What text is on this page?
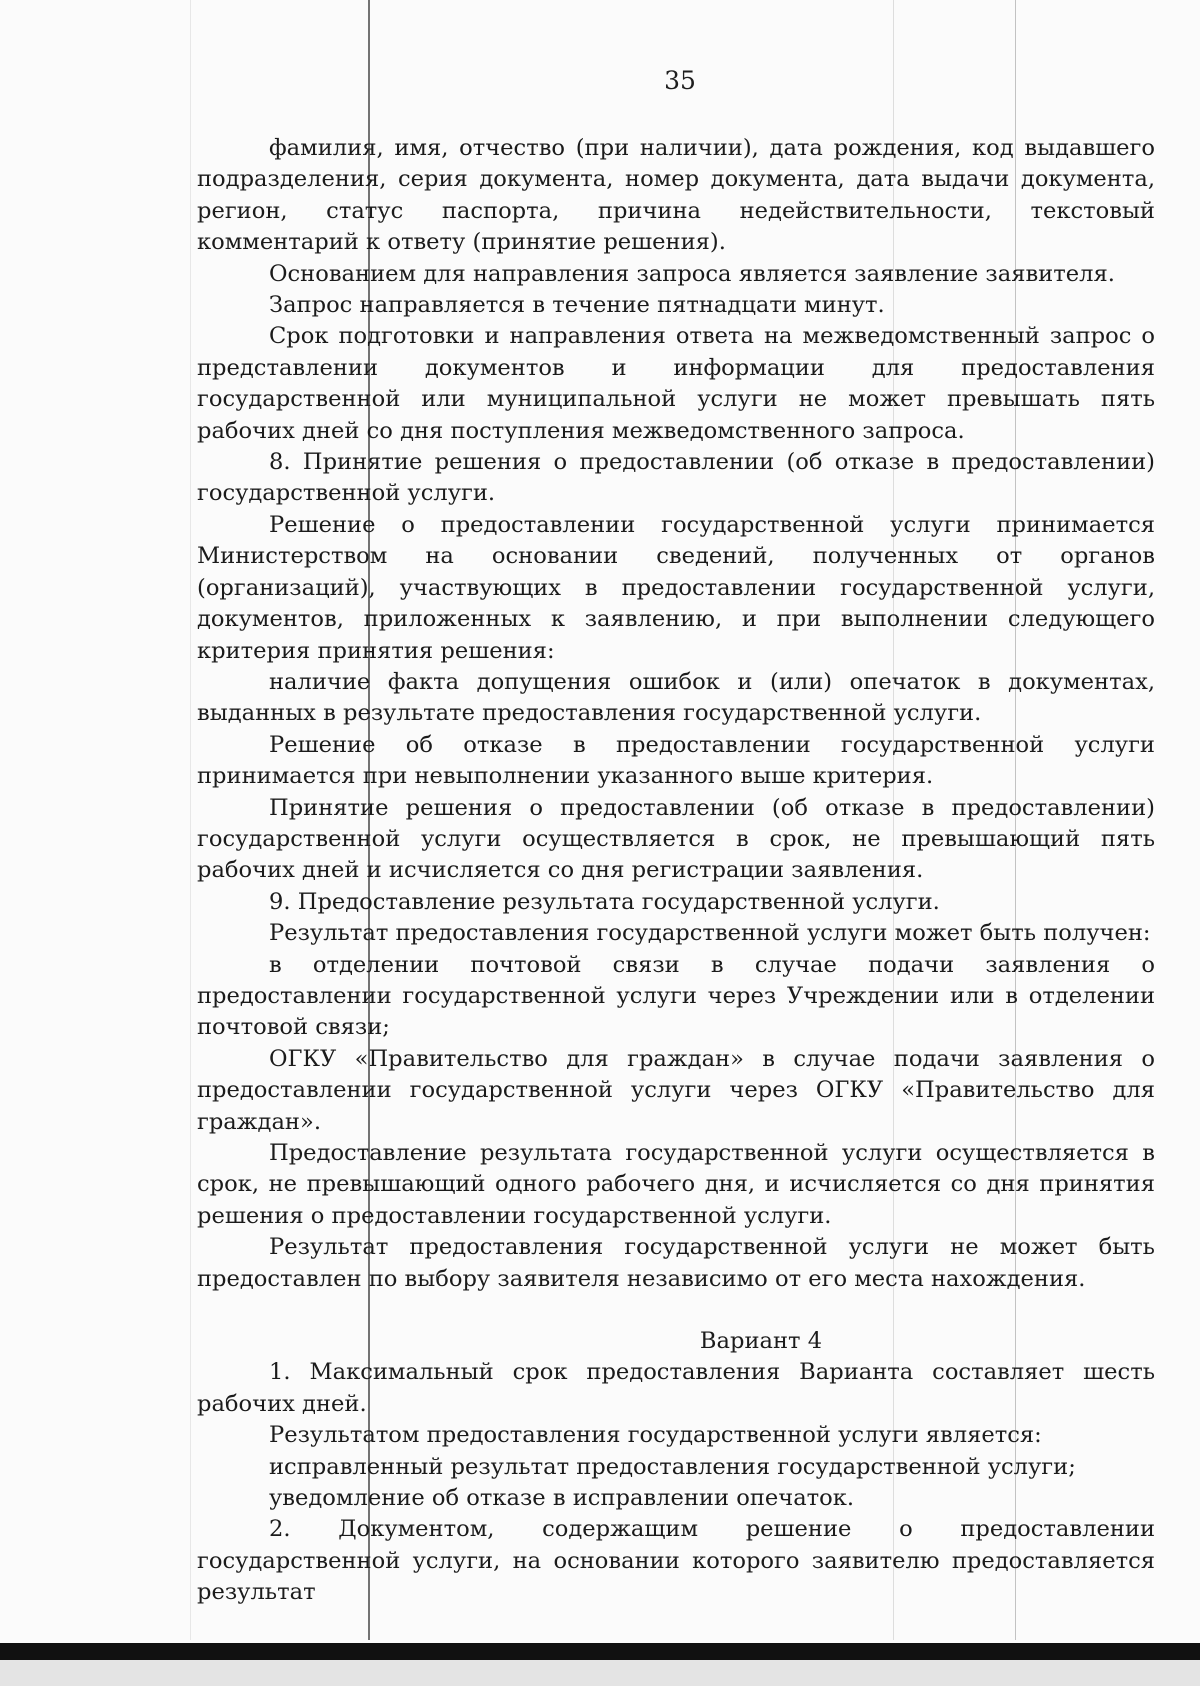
35

фамилия, имя, отчество (при наличии), дата рождения, код выдавшего подразделения, серия документа, номер документа, дата выдачи документа, регион, статус паспорта, причина недействительности, текстовый комментарий к ответу (принятие решения).

Основанием для направления запроса является заявление заявителя.

Запрос направляется в течение пятнадцати минут.

Срок подготовки и направления ответа на межведомственный запрос о представлении документов и информации для предоставления государственной или муниципальной услуги не может превышать пять рабочих дней со дня поступления межведомственного запроса.

8. Принятие решения о предоставлении (об отказе в предоставлении) государственной услуги.

Решение о предоставлении государственной услуги принимается Министерством на основании сведений, полученных от органов (организаций), участвующих в предоставлении государственной услуги, документов, приложенных к заявлению, и при выполнении следующего критерия принятия решения:

наличие факта допущения ошибок и (или) опечаток в документах, выданных в результате предоставления государственной услуги.

Решение об отказе в предоставлении государственной услуги принимается при невыполнении указанного выше критерия.

Принятие решения о предоставлении (об отказе в предоставлении) государственной услуги осуществляется в срок, не превышающий пять рабочих дней и исчисляется со дня регистрации заявления.

9. Предоставление результата государственной услуги.

Результат предоставления государственной услуги может быть получен:

в отделении почтовой связи в случае подачи заявления о предоставлении государственной услуги через Учреждении или в отделении почтовой связи;

ОГКУ «Правительство для граждан» в случае подачи заявления о предоставлении государственной услуги через ОГКУ «Правительство для граждан».

Предоставление результата государственной услуги осуществляется в срок, не превышающий одного рабочего дня, и исчисляется со дня принятия решения о предоставлении государственной услуги.

Результат предоставления государственной услуги не может быть предоставлен по выбору заявителя независимо от его места нахождения.

Вариант 4

1. Максимальный срок предоставления Варианта составляет шесть рабочих дней.

Результатом предоставления государственной услуги является:

исправленный результат предоставления государственной услуги;

уведомление об отказе в исправлении опечаток.

2. Документом, содержащим решение о предоставлении государственной услуги, на основании которого заявителю предоставляется результат
